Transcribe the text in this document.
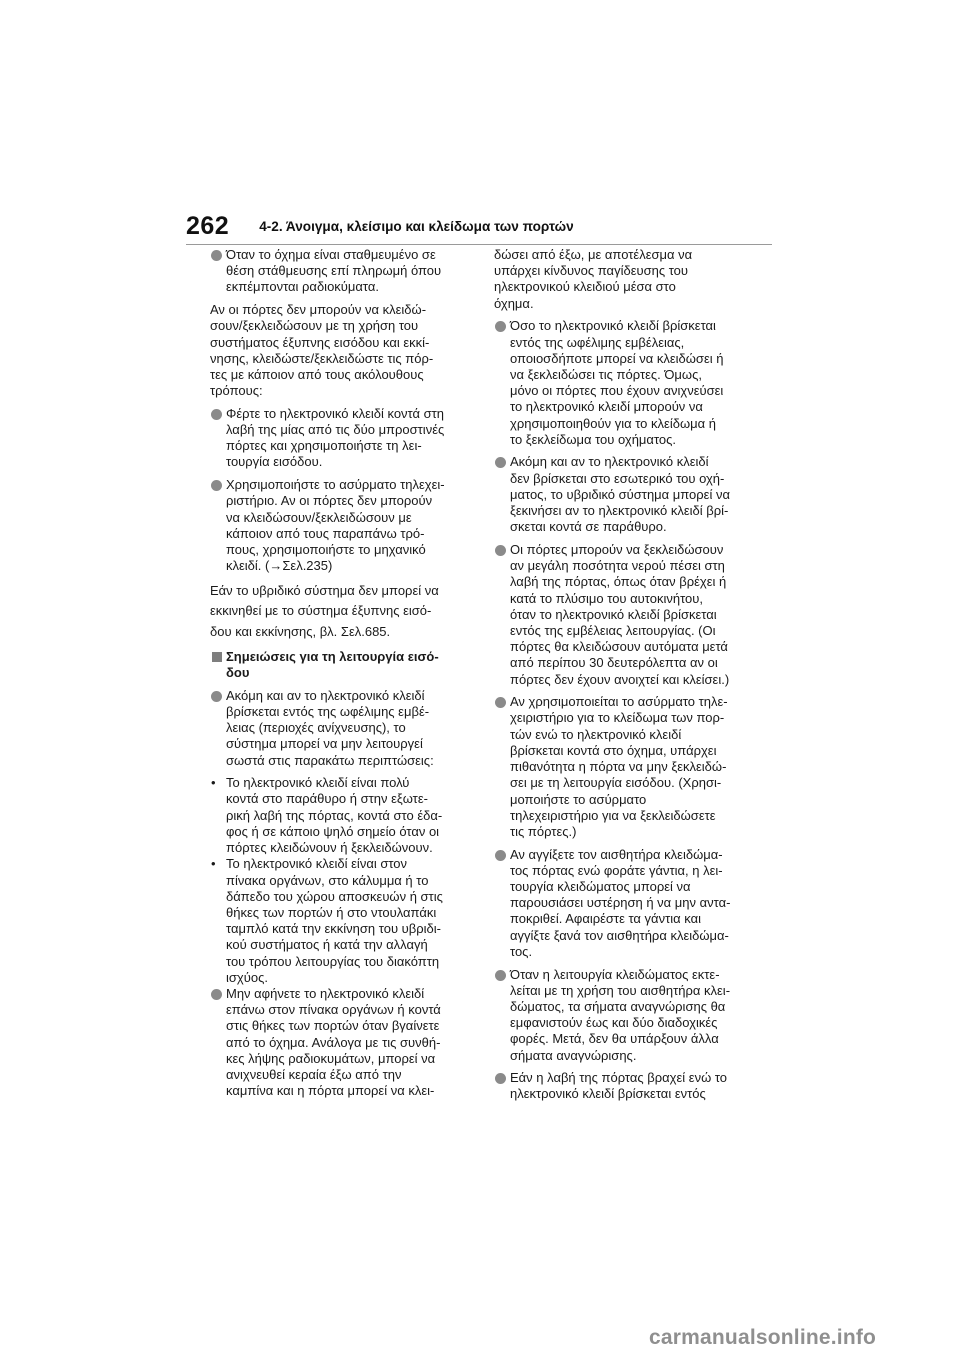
262 4-2. Άνοιγμα, κλείσιμο και κλείδωμα των πορτών
Όταν το όχημα είναι σταθμευμένο σε
θέση στάθμευσης επί πληρωμή όπου
εκπέμπονται ραδιοκύματα.
Αν οι πόρτες δεν μπορούν να κλειδώ-
σουν/ξεκλειδώσουν με τη χρήση του
συστήματος έξυπνης εισόδου και εκκί-
νησης, κλειδώστε/ξεκλειδώστε τις πόρ-
τες με κάποιον από τους ακόλουθους
τρόπους:
Φέρτε το ηλεκτρονικό κλειδί κοντά στη
λαβή της μίας από τις δύο μπροστινές
πόρτες και χρησιμοποιήστε τη λει-
τουργία εισόδου.
Χρησιμοποιήστε το ασύρματο τηλεχει-
ριστήριο. Αν οι πόρτες δεν μπορούν
να κλειδώσουν/ξεκλειδώσουν με
κάποιον από τους παραπάνω τρό-
πους, χρησιμοποιήστε το μηχανικό
κλειδί. (→Σελ.235)
Εάν το υβριδικό σύστημα δεν μπορεί να
εκκινηθεί με το σύστημα έξυπνης εισό-
δου και εκκίνησης, βλ. Σελ.685.
Σημειώσεις για τη λειτουργία εισό-
δου
Ακόμη και αν το ηλεκτρονικό κλειδί
βρίσκεται εντός της ωφέλιμης εμβέ-
λειας (περιοχές ανίχνευσης), το
σύστημα μπορεί να μην λειτουργεί
σωστά στις παρακάτω περιπτώσεις:
• Το ηλεκτρονικό κλειδί είναι πολύ
κοντά στο παράθυρο ή στην εξωτε-
ρική λαβή της πόρτας, κοντά στο έδα-
φος ή σε κάποιο ψηλό σημείο όταν οι
πόρτες κλειδώνουν ή ξεκλειδώνουν.
• Το ηλεκτρονικό κλειδί είναι στον
πίνακα οργάνων, στο κάλυμμα ή το
δάπεδο του χώρου αποσκευών ή στις
θήκες των πορτών ή στο ντουλαπάκι
ταμπλό κατά την εκκίνηση του υβριδι-
κού συστήματος ή κατά την αλλαγή
του τρόπου λειτουργίας του διακόπτη
ισχύος.
Μην αφήνετε το ηλεκτρονικό κλειδί
επάνω στον πίνακα οργάνων ή κοντά
στις θήκες των πορτών όταν βγαίνετε
από το όχημα. Ανάλογα με τις συνθή-
κες λήψης ραδιοκυμάτων, μπορεί να
ανιχνευθεί κεραία έξω από την
καμπίνα και η πόρτα μπορεί να κλει-
δώσει από έξω, με αποτέλεσμα να
υπάρχει κίνδυνος παγίδευσης του
ηλεκτρονικού κλειδιού μέσα στο
όχημα.
Όσο το ηλεκτρονικό κλειδί βρίσκεται
εντός της ωφέλιμης εμβέλειας,
οποιοσδήποτε μπορεί να κλειδώσει ή
να ξεκλειδώσει τις πόρτες. Όμως,
μόνο οι πόρτες που έχουν ανιχνεύσει
το ηλεκτρονικό κλειδί μπορούν να
χρησιμοποιηθούν για το κλείδωμα ή
το ξεκλείδωμα του οχήματος.
Ακόμη και αν το ηλεκτρονικό κλειδί
δεν βρίσκεται στο εσωτερικό του οχή-
ματος, το υβριδικό σύστημα μπορεί να
ξεκινήσει αν το ηλεκτρονικό κλειδί βρί-
σκεται κοντά σε παράθυρο.
Οι πόρτες μπορούν να ξεκλειδώσουν
αν μεγάλη ποσότητα νερού πέσει στη
λαβή της πόρτας, όπως όταν βρέχει ή
κατά το πλύσιμο του αυτοκινήτου,
όταν το ηλεκτρονικό κλειδί βρίσκεται
εντός της εμβέλειας λειτουργίας. (Οι
πόρτες θα κλειδώσουν αυτόματα μετά
από περίπου 30 δευτερόλεπτα αν οι
πόρτες δεν έχουν ανοιχτεί και κλείσει.)
Αν χρησιμοποιείται το ασύρματο τηλε-
χειριστήριο για το κλείδωμα των πορ-
τών ενώ το ηλεκτρονικό κλειδί
βρίσκεται κοντά στο όχημα, υπάρχει
πιθανότητα η πόρτα να μην ξεκλειδώ-
σει με τη λειτουργία εισόδου. (Χρησι-
μοποιήστε το ασύρματο
τηλεχειριστήριο για να ξεκλειδώσετε
τις πόρτες.)
Αν αγγίξετε τον αισθητήρα κλειδώμα-
τος πόρτας ενώ φοράτε γάντια, η λει-
τουργία κλειδώματος μπορεί να
παρουσιάσει υστέρηση ή να μην αντα-
ποκριθεί. Αφαιρέστε τα γάντια και
αγγίξτε ξανά τον αισθητήρα κλειδώμα-
τος.
Όταν η λειτουργία κλειδώματος εκτε-
λείται με τη χρήση του αισθητήρα κλει-
δώματος, τα σήματα αναγνώρισης θα
εμφανιστούν έως και δύο διαδοχικές
φορές. Μετά, δεν θα υπάρξουν άλλα
σήματα αναγνώρισης.
Εάν η λαβή της πόρτας βραχεί ενώ το
ηλεκτρονικό κλειδί βρίσκεται εντός
carmanualsonline.info
